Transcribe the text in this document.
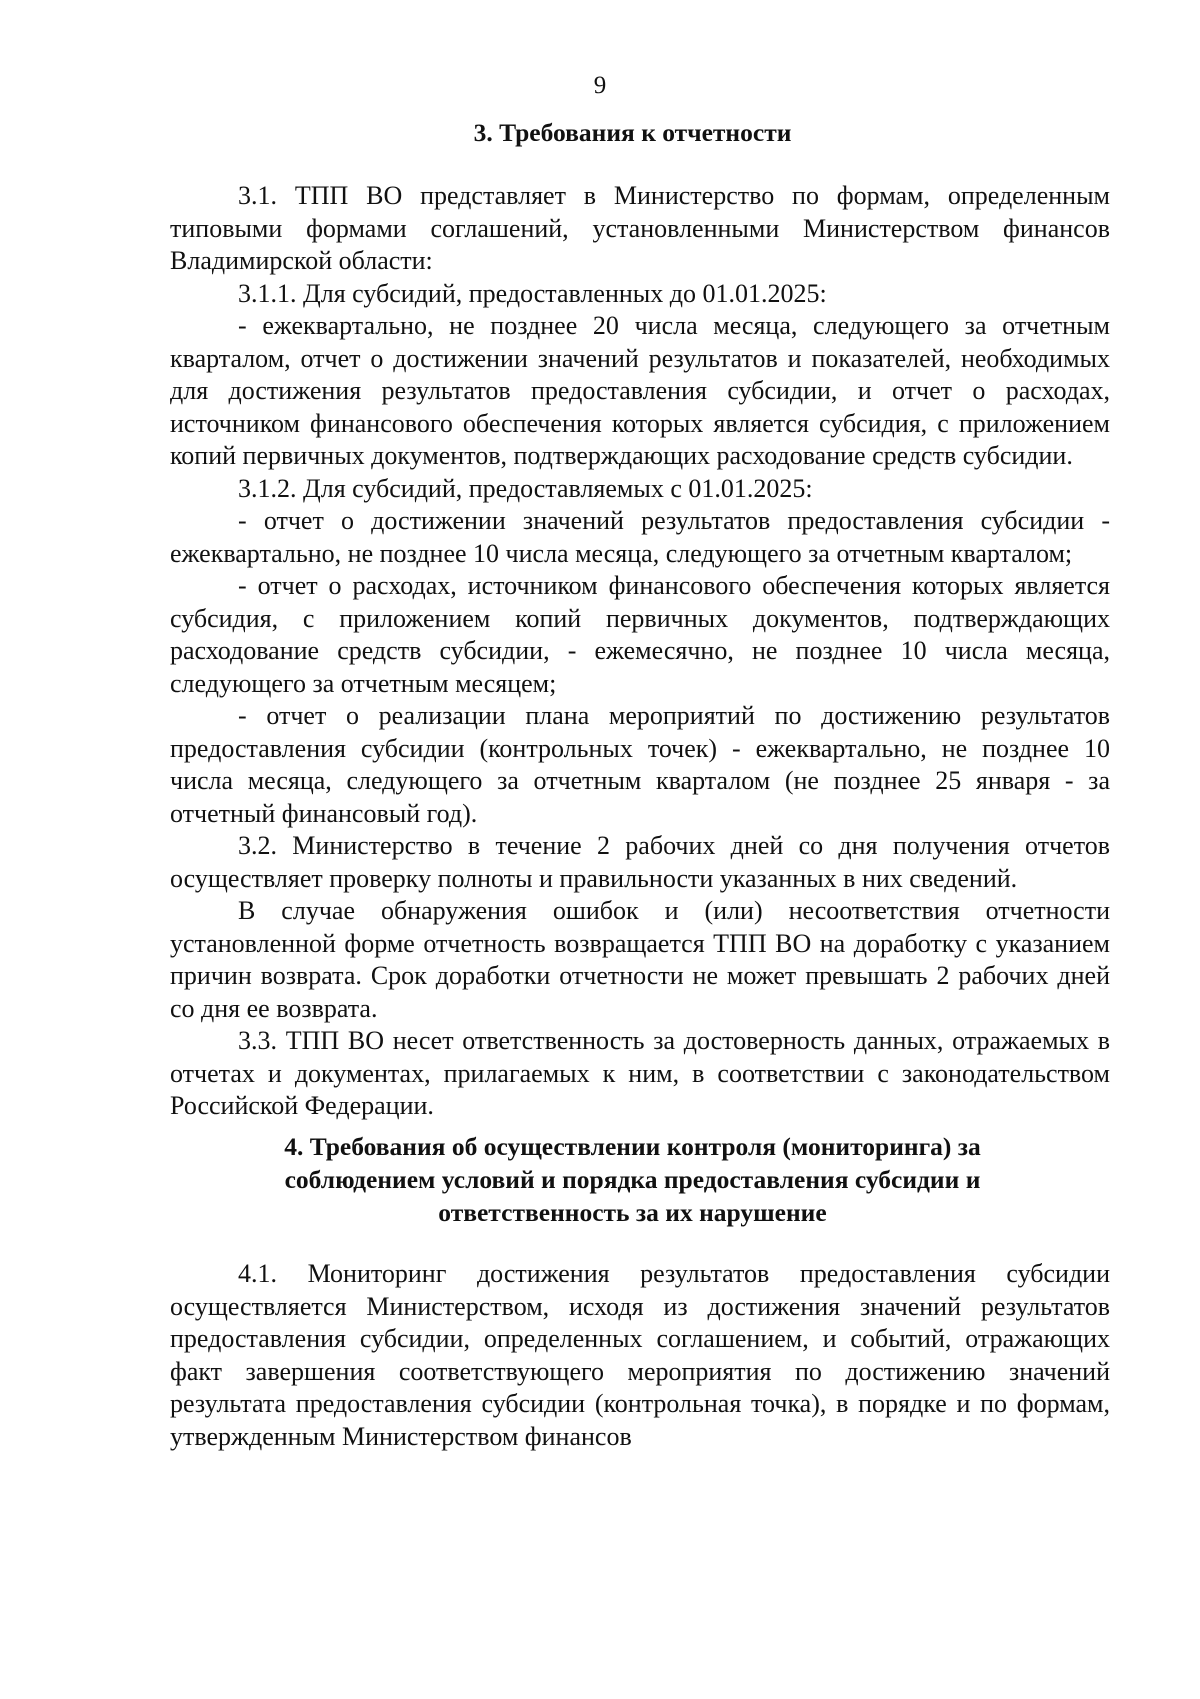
9
3. Требования к отчетности

3.1. ТПП ВО представляет в Министерство по формам, определенным типовыми формами соглашений, установленными Министерством финансов Владимирской области:

3.1.1. Для субсидий, предоставленных до 01.01.2025:

- ежеквартально, не позднее 20 числа месяца, следующего за отчетным кварталом, отчет о достижении значений результатов и показателей, необходимых для достижения результатов предоставления субсидии, и отчет о расходах, источником финансового обеспечения которых является субсидия, с приложением копий первичных документов, подтверждающих расходование средств субсидии.

3.1.2. Для субсидий, предоставляемых с 01.01.2025:

- отчет о достижении значений результатов предоставления субсидии - ежеквартально, не позднее 10 числа месяца, следующего за отчетным кварталом;

- отчет о расходах, источником финансового обеспечения которых является субсидия, с приложением копий первичных документов, подтверждающих расходование средств субсидии, - ежемесячно, не позднее 10 числа месяца, следующего за отчетным месяцем;

- отчет о реализации плана мероприятий по достижению результатов предоставления субсидии (контрольных точек) - ежеквартально, не позднее 10 числа месяца, следующего за отчетным кварталом (не позднее 25 января - за отчетный финансовый год).

3.2. Министерство в течение 2 рабочих дней со дня получения отчетов осуществляет проверку полноты и правильности указанных в них сведений.

В случае обнаружения ошибок и (или) несоответствия отчетности установленной форме отчетность возвращается ТПП ВО на доработку с указанием причин возврата. Срок доработки отчетности не может превышать 2 рабочих дней со дня ее возврата.

3.3. ТПП ВО несет ответственность за достоверность данных, отражаемых в отчетах и документах, прилагаемых к ним, в соответствии с законодательством Российской Федерации.

4. Требования об осуществлении контроля (мониторинга) за
соблюдением условий и порядка предоставления субсидии и
ответственность за их нарушение

4.1. Мониторинг достижения результатов предоставления субсидии осуществляется Министерством, исходя из достижения значений результатов предоставления субсидии, определенных соглашением, и событий, отражающих факт завершения соответствующего мероприятия по достижению значений результата предоставления субсидии (контрольная точка), в порядке и по формам, утвержденным Министерством финансов
